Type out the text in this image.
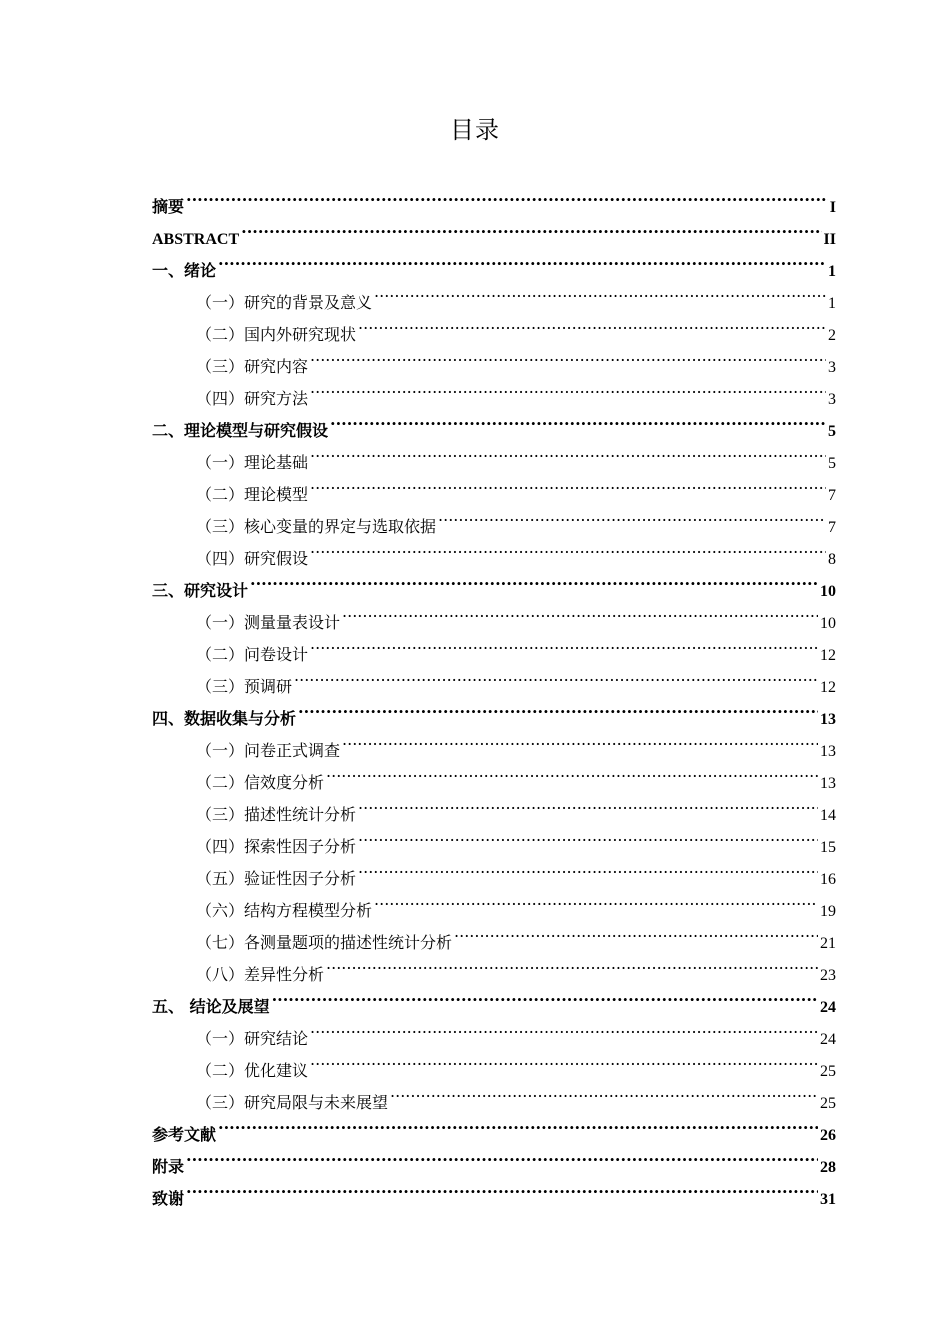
目录
摘要 .....	I
ABSTRACT .....	II
一、绪论 .....	1
（一）研究的背景及意义 .....	1
（二）国内外研究现状 .....	2
（三）研究内容 .....	3
（四）研究方法 .....	3
二、理论模型与研究假设 .....	5
（一）理论基础 .....	5
（二）理论模型 .....	7
（三）核心变量的界定与选取依据 .....	7
（四）研究假设 .....	8
三、研究设计 .....	10
（一）测量量表设计 .....	10
（二）问卷设计 .....	12
（三）预调研 .....	12
四、数据收集与分析 .....	13
（一）问卷正式调查 .....	13
（二）信效度分析 .....	13
（三）描述性统计分析 .....	14
（四）探索性因子分析 .....	15
（五）验证性因子分析 .....	16
（六）结构方程模型分析 .....	19
（七）各测量题项的描述性统计分析 .....	21
（八）差异性分析 .....	23
五、 结论及展望 .....	24
（一）研究结论 .....	24
（二）优化建议 .....	25
（三）研究局限与未来展望 .....	25
参考文献 .....	26
附录 .....	28
致谢 .....	31
